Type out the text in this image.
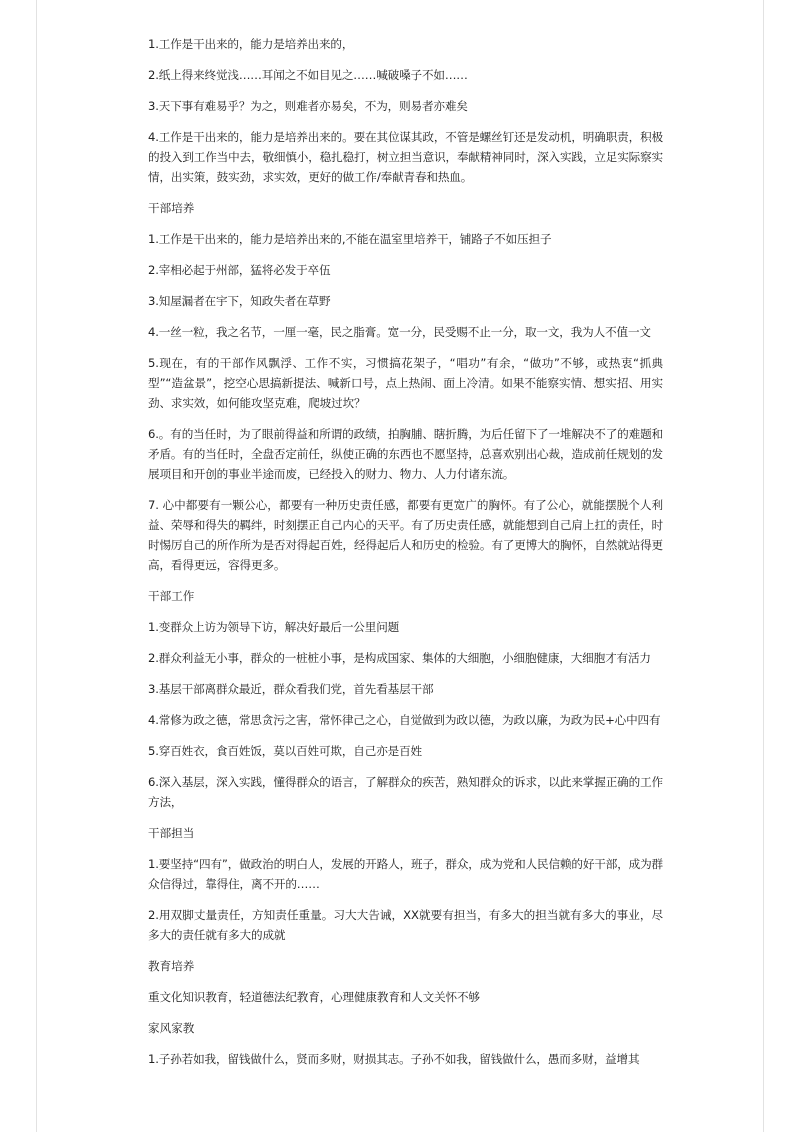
1.工作是干出来的，能力是培养出来的，

2.纸上得来终觉浅……耳闻之不如目见之……喊破嗓子不如……

3.天下事有难易乎？为之，则难者亦易矣，不为，则易者亦难矣

4.工作是干出来的，能力是培养出来的。要在其位谋其政，不管是螺丝钉还是发动机，明确职责，积极的投入到工作当中去，敬细慎小，稳扎稳打，树立担当意识，奉献精神同时，深入实践，立足实际察实情，出实策，鼓实劲，求实效，更好的做工作/奉献青春和热血。

干部培养

1.工作是干出来的，能力是培养出来的,不能在温室里培养干，铺路子不如压担子

2.宰相必起于州部，猛将必发于卒伍

3.知屋漏者在宇下，知政失者在草野

4.一丝一粒，我之名节，一厘一毫，民之脂膏。宽一分，民受赐不止一分，取一文，我为人不值一文

5.现在，有的干部作风飘浮、工作不实，习惯搞花架子，“唱功”有余，“做功”不够，或热衷“抓典型”“造盆景”，挖空心思搞新提法、喊新口号，点上热闹、面上冷清。如果不能察实情、想实招、用实劲、求实效，如何能攻坚克难，爬坡过坎？

6.。有的当任时，为了眼前得益和所谓的政绩，拍胸脯、瞎折腾，为后任留下了一堆解决不了的难题和矛盾。有的当任时，全盘否定前任，纵使正确的东西也不愿坚持，总喜欢别出心裁，造成前任规划的发展项目和开创的事业半途而废，已经投入的财力、物力、人力付诸东流。

7. 心中都要有一颗公心，都要有一种历史责任感，都要有更宽广的胸怀。有了公心，就能摆脱个人利益、荣辱和得失的羁绊，时刻摆正自己内心的天平。有了历史责任感，就能想到自己肩上扛的责任，时时惕厉自己的所作所为是否对得起百姓，经得起后人和历史的检验。有了更博大的胸怀，自然就站得更高，看得更远，容得更多。

干部工作

1.变群众上访为领导下访，解决好最后一公里问题

2.群众利益无小事，群众的一桩桩小事，是构成国家、集体的大细胞，小细胞健康，大细胞才有活力

3.基层干部离群众最近，群众看我们党，首先看基层干部

4.常修为政之德，常思贪污之害，常怀律己之心，自觉做到为政以德，为政以廉，为政为民+心中四有

5.穿百姓衣，食百姓饭，莫以百姓可欺，自己亦是百姓

6.深入基层，深入实践，懂得群众的语言，了解群众的疾苦，熟知群众的诉求，以此来掌握正确的工作方法，

干部担当

1.要坚持“四有”，做政治的明白人，发展的开路人，班子，群众，成为党和人民信赖的好干部，成为群众信得过，靠得住，离不开的……

2.用双脚丈量责任，方知责任重量。习大大告诫，XX就要有担当，有多大的担当就有多大的事业，尽多大的责任就有多大的成就

教育培养

重文化知识教育，轻道德法纪教育，心理健康教育和人文关怀不够

家风家教

1.子孙若如我，留钱做什么，贤而多财，财损其志。子孙不如我，留钱做什么，愚而多财，益增其
